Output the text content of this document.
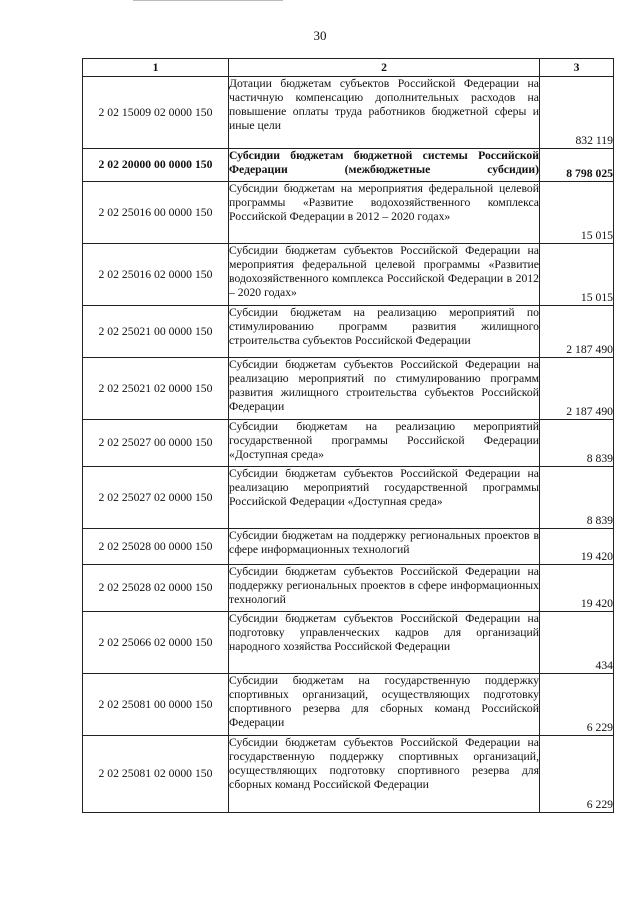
30
1	2	3
2 02 15009 02 0000 150	Дотации бюджетам субъектов Российской Федерации на частичную компенсацию дополнительных расходов на повышение оплаты труда работников бюджетной сферы и иные цели	832 119
2 02 20000 00 0000 150	Субсидии бюджетам бюджетной системы Российской Федерации (межбюджетные субсидии)	8 798 025
2 02 25016 00 0000 150	Субсидии бюджетам на мероприятия федеральной целевой программы «Развитие водохозяйственного комплекса Российской Федерации в 2012 – 2020 годах»	15 015
2 02 25016 02 0000 150	Субсидии бюджетам субъектов Российской Федерации на мероприятия федеральной целевой программы «Развитие водохозяйственного комплекса Российской Федерации в 2012 – 2020 годах»	15 015
2 02 25021 00 0000 150	Субсидии бюджетам на реализацию мероприятий по стимулированию программ развития жилищного строительства субъектов Российской Федерации	2 187 490
2 02 25021 02 0000 150	Субсидии бюджетам субъектов Российской Федерации на реализацию мероприятий по стимулированию программ развития жилищного строительства субъектов Российской Федерации	2 187 490
2 02 25027 00 0000 150	Субсидии бюджетам на реализацию мероприятий государственной программы Российской Федерации «Доступная среда»	8 839
2 02 25027 02 0000 150	Субсидии бюджетам субъектов Российской Федерации на реализацию мероприятий государственной программы Российской Федерации «Доступная среда»	8 839
2 02 25028 00 0000 150	Субсидии бюджетам на поддержку региональных проектов в сфере информационных технологий	19 420
2 02 25028 02 0000 150	Субсидии бюджетам субъектов Российской Федерации на поддержку региональных проектов в сфере информационных технологий	19 420
2 02 25066 02 0000 150	Субсидии бюджетам субъектов Российской Федерации на подготовку управленческих кадров для организаций народного хозяйства Российской Федерации	434
2 02 25081 00 0000 150	Субсидии бюджетам на государственную поддержку спортивных организаций, осуществляющих подготовку спортивного резерва для сборных команд Российской Федерации	6 229
2 02 25081 02 0000 150	Субсидии бюджетам субъектов Российской Федерации на государственную поддержку спортивных организаций, осуществляющих подготовку спортивного резерва для сборных команд Российской Федерации	6 229
